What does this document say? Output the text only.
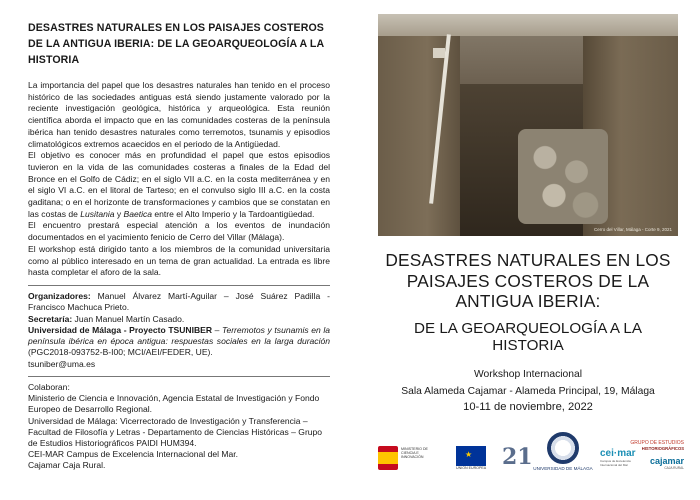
DESASTRES NATURALES EN LOS PAISAJES COSTEROS DE LA ANTIGUA IBERIA: DE LA GEOARQUEOLOGÍA A LA HISTORIA

La importancia del papel que los desastres naturales han tenido en el proceso histórico de las sociedades antiguas está siendo justamente valorado por la reciente investigación geológica, histórica y arqueológica. Esta reunión científica aborda el impacto que en las comunidades costeras de la península ibérica han tenido desastres naturales como terremotos, tsunamis y episodios climatológicos extremos acaecidos en el periodo de la Antigüedad.

El objetivo es conocer más en profundidad el papel que estos episodios tuvieron en la vida de las comunidades costeras a finales de la Edad del Bronce en el Golfo de Cádiz; en el siglo VII a.C. en la costa mediterránea y en el siglo VI a.C. en el litoral de Tarteso; en el convulso siglo III a.C. en la costa gaditana; o en el horizonte de transformaciones y cambios que se constatan en las costas de Lusitania y Baetica entre el Alto Imperio y la Tardoantigüedad.

El encuentro prestará especial atención a los eventos de inundación documentados en el yacimiento fenicio de Cerro del Villar (Málaga).

El workshop está dirigido tanto a los miembros de la comunidad universitaria como al público interesado en un tema de gran actualidad. La entrada es libre hasta completar el aforo de la sala.

Organizadores: Manuel Álvarez Martí-Aguilar – José Suárez Padilla - Francisco Machuca Prieto.

Secretaría: Juan Manuel Martín Casado.

Universidad de Málaga - Proyecto TSUNIBER – Terremotos y tsunamis en la península ibérica en época antigua: respuestas sociales en la larga duración (PGC2018-093752-B-I00; MCI/AEI/FEDER, UE).

tsuniber@uma.es

Colaboran:

Ministerio de Ciencia e Innovación, Agencia Estatal de Investigación y Fondo Europeo de Desarrollo Regional.

Universidad de Málaga: Vicerrectorado de Investigación y Transferencia – Facultad de Filosofía y Letras - Departamento de Ciencias Históricas – Grupo de Estudios Historiográficos PAIDI HUM394.

CEI-MAR Campus de Excelencia Internacional del Mar.

Cajamar Caja Rural.

Cerro del Villar, Málaga - Corte 9, 2021
DESASTRES NATURALES EN LOS PAISAJES COSTEROS DE LA ANTIGUA IBERIA:
DE LA GEOARQUEOLOGÍA A LA HISTORIA
Workshop Internacional
Sala Alameda Cajamar - Alameda Principal, 19, Málaga
10-11 de noviembre, 2022
MINISTERIO DE CIENCIA E INNOVACIÓN	★
UNIÓN EUROPEA 21 UNIVERSIDAD DE MÁLAGA
cei·mar
Campus de Excelencia Internacional del Mar
GRUPO DE ESTUDIOS
HISTORIOGRÁFICOS
cajamar
CAJA RURAL
